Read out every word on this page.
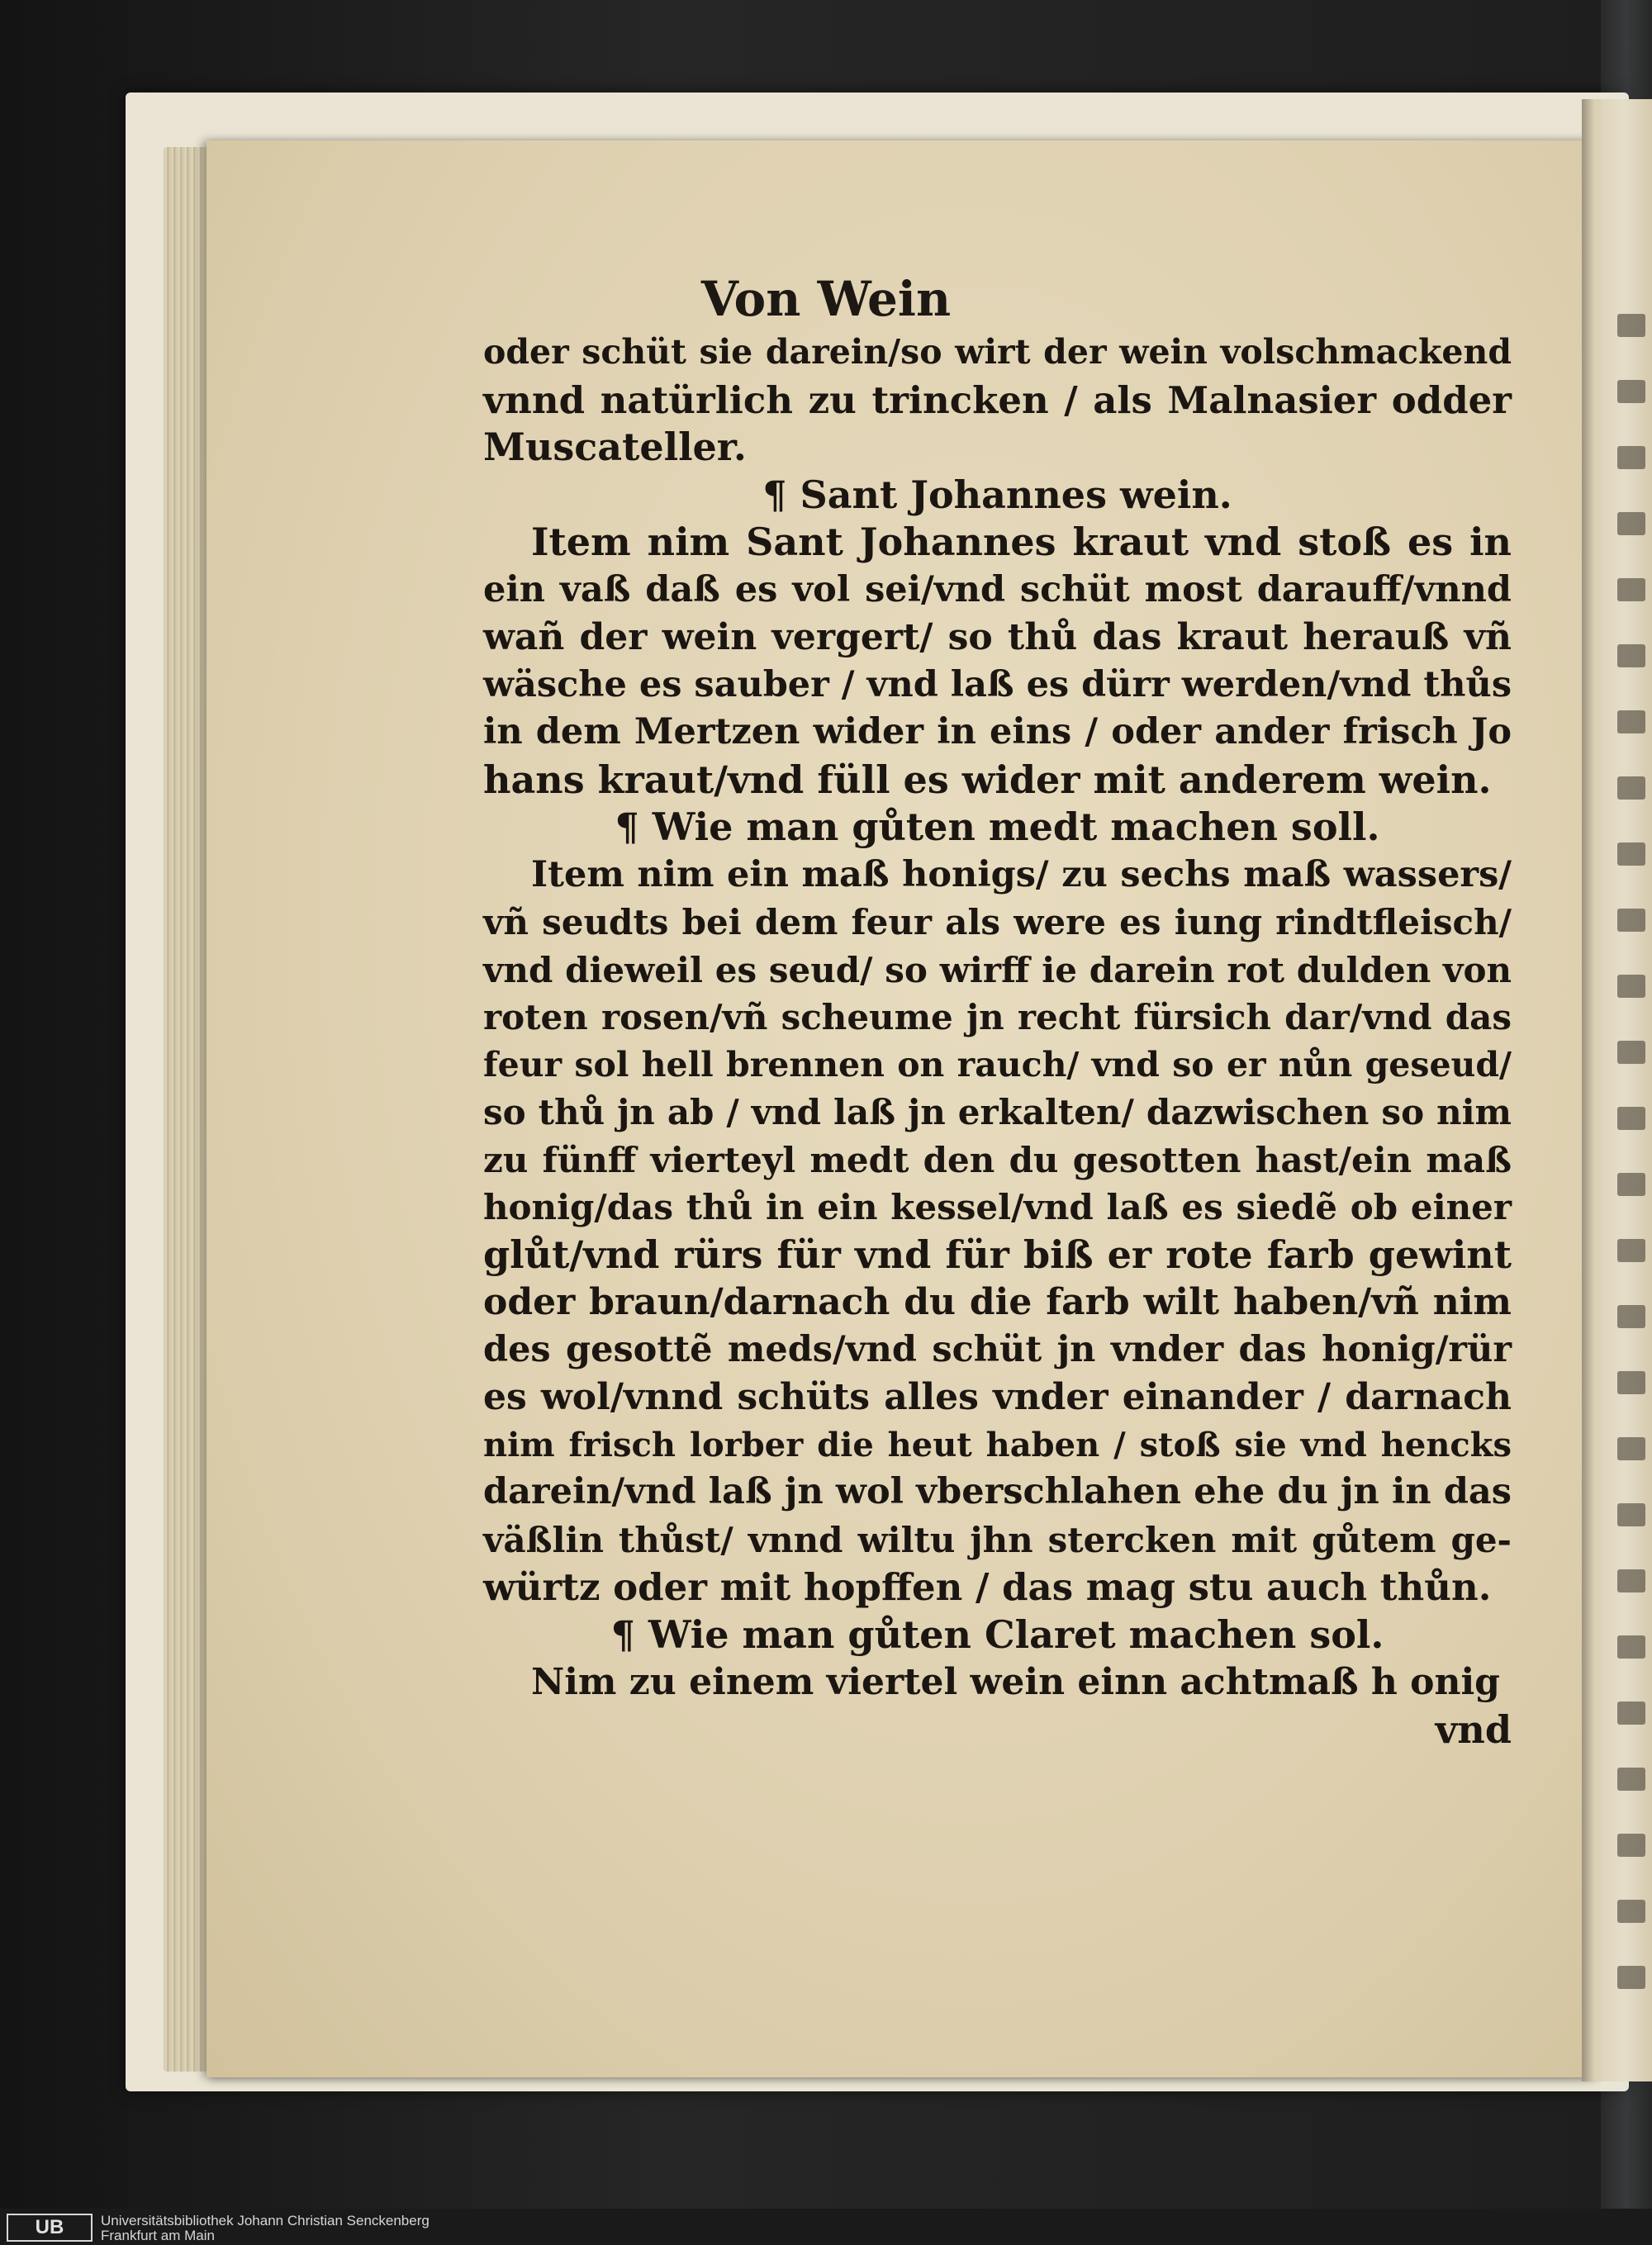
Von Wein
oder schüt sie darein/so wirt der wein volschmackend
vnnd natürlich zu trincken / als Malnasier odder
Muscateller.
¶ Sant Johannes wein.
Item nim Sant Johannes kraut vnd stoß es in
ein vaß daß es vol sei/vnd schüt most darauff/vnnd
wañ der wein vergert/ so thů das kraut herauß vñ
wäsche es sauber / vnd laß es dürr werden/vnd thůs
in dem Mertzen wider in eins / oder ander frisch Jo
hans kraut/vnd füll es wider mit anderem wein.
¶ Wie man gůten medt machen soll.
Item nim ein maß honigs/ zu sechs maß wassers/
vñ seudts bei dem feur als were es iung rindtfleisch/
vnd dieweil es seud/ so wirff ie darein rot dulden von
roten rosen/vñ scheume jn recht fürsich dar/vnd das
feur sol hell brennen on rauch/ vnd so er nůn geseud/
so thů jn ab / vnd laß jn erkalten/ dazwischen so nim
zu fünff vierteyl medt den du gesotten hast/ein maß
honig/das thů in ein kessel/vnd laß es siedẽ ob einer
glůt/vnd rürs für vnd für biß er rote farb gewint
oder braun/darnach du die farb wilt haben/vñ nim
des gesottẽ meds/vnd schüt jn vnder das honig/rür
es wol/vnnd schüts alles vnder einander / darnach
nim frisch lorber die heut haben / stoß sie vnd hencks
darein/vnd laß jn wol vberschlahen ehe du jn in das
väßlin thůst/ vnnd wiltu jhn stercken mit gůtem ge-
würtz oder mit hopffen / das mag stu auch thůn.
¶ Wie man gůten Claret machen sol.
Nim zu einem viertel wein einn achtmaß h onig
vnd
UB	Universitätsbibliothek Johann Christian Senckenberg
Frankfurt am Main
